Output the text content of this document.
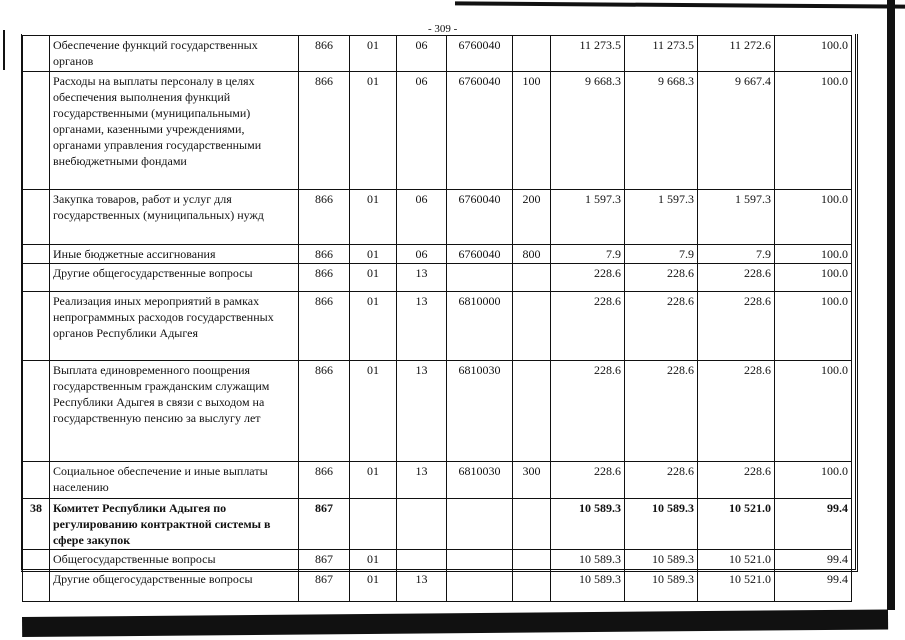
- 309 -
	Обеспечение функций государственных органов	866	01	06	6760040		11 273.5	11 273.5	11 272.6	100.0
	Расходы на выплаты персоналу в целях обеспечения выполнения функций государственными (муниципальными) органами, казенными учреждениями, органами управления государственными внебюджетными фондами	866	01	06	6760040	100	9 668.3	9 668.3	9 667.4	100.0
	Закупка товаров, работ и услуг для государственных (муниципальных) нужд	866	01	06	6760040	200	1 597.3	1 597.3	1 597.3	100.0
	Иные бюджетные ассигнования	866	01	06	6760040	800	7.9	7.9	7.9	100.0
	Другие общегосударственные вопросы	866	01	13			228.6	228.6	228.6	100.0
	Реализация иных мероприятий в рамках непрограммных расходов государственных органов Республики Адыгея	866	01	13	6810000		228.6	228.6	228.6	100.0
	Выплата единовременного поощрения государственным гражданским служащим Республики Адыгея в связи с выходом на государственную пенсию за выслугу лет	866	01	13	6810030		228.6	228.6	228.6	100.0
	Социальное обеспечение и иные выплаты населению	866	01	13	6810030	300	228.6	228.6	228.6	100.0
38	Комитет Республики Адыгея по регулированию контрактной системы в сфере закупок	867					10 589.3	10 589.3	10 521.0	99.4
	Общегосударственные вопросы	867	01				10 589.3	10 589.3	10 521.0	99.4
	Другие общегосударственные вопросы	867	01	13			10 589.3	10 589.3	10 521.0	99.4
